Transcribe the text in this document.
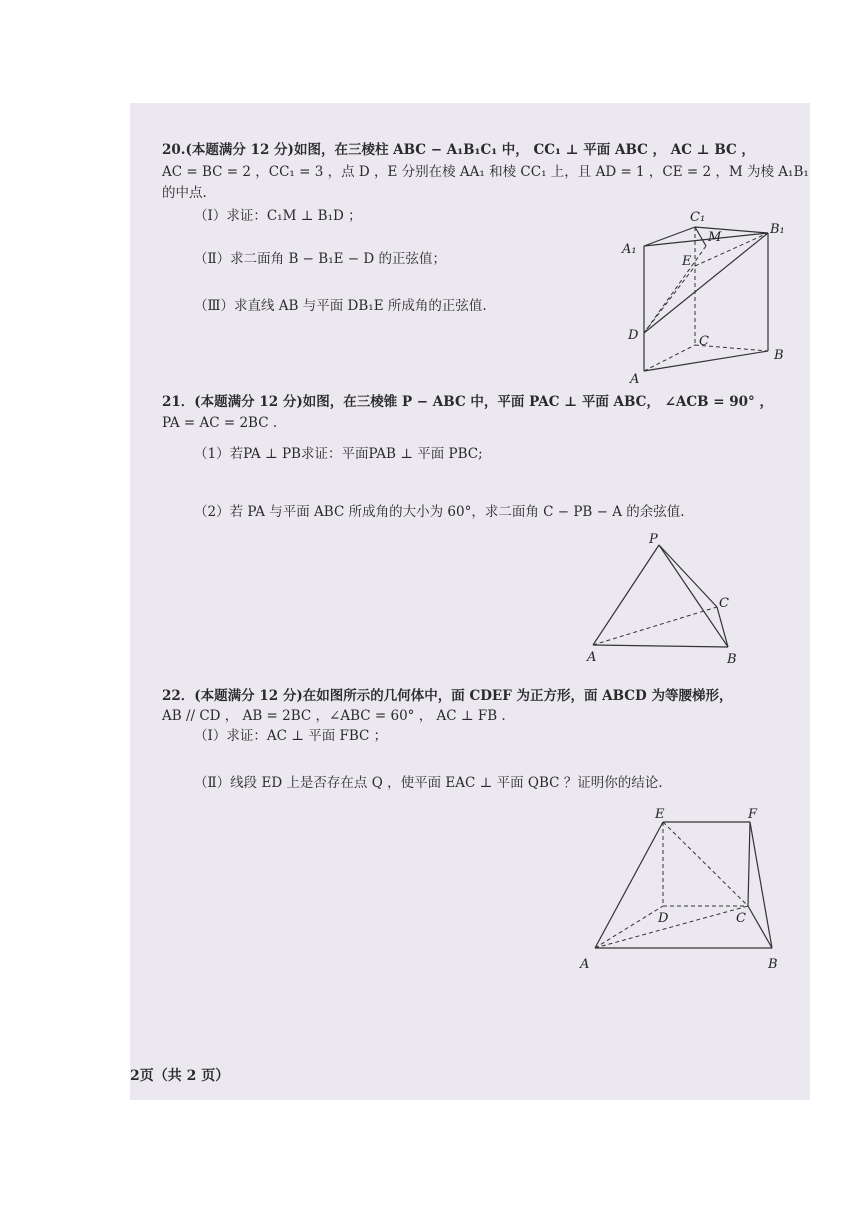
20.(本题满分 12 分)如图，在三棱柱 ABC − A₁B₁C₁ 中， CC₁ ⊥ 平面 ABC ， AC ⊥ BC ，
AC = BC = 2 ，CC₁ = 3 ，点 D ，E 分别在棱 AA₁ 和棱 CC₁ 上，且 AD = 1 ，CE = 2 ，M 为棱 A₁B₁
的中点.
（Ⅰ）求证：C₁M ⊥ B₁D ；
（Ⅱ）求二面角 B − B₁E − D 的正弦值；
（Ⅲ）求直线 AB 与平面 DB₁E 所成角的正弦值.
C₁
B₁
A₁
M
E
D	C
B
A
21．(本题满分 12 分)如图，在三棱锥 P − ABC 中，平面 PAC ⊥ 平面 ABC， ∠ACB = 90° ，
PA = AC = 2BC .
（1）若PA ⊥ PB求证：平面PAB ⊥ 平面 PBC;
（2）若 PA 与平面 ABC 所成角的大小为 60°，求二面角 C − PB − A 的余弦值.
P
C
A	B
22．(本题满分 12 分)在如图所示的几何体中，面 CDEF 为正方形，面 ABCD 为等腰梯形，
AB // CD ， AB = 2BC ，∠ABC = 60° ， AC ⊥ FB .
（Ⅰ）求证：AC ⊥ 平面 FBC ；
（Ⅱ）线段 ED 上是否存在点 Q ，使平面 EAC ⊥ 平面 QBC ？证明你的结论.
E	F
D	C
A	B
2页（共 2 页）
